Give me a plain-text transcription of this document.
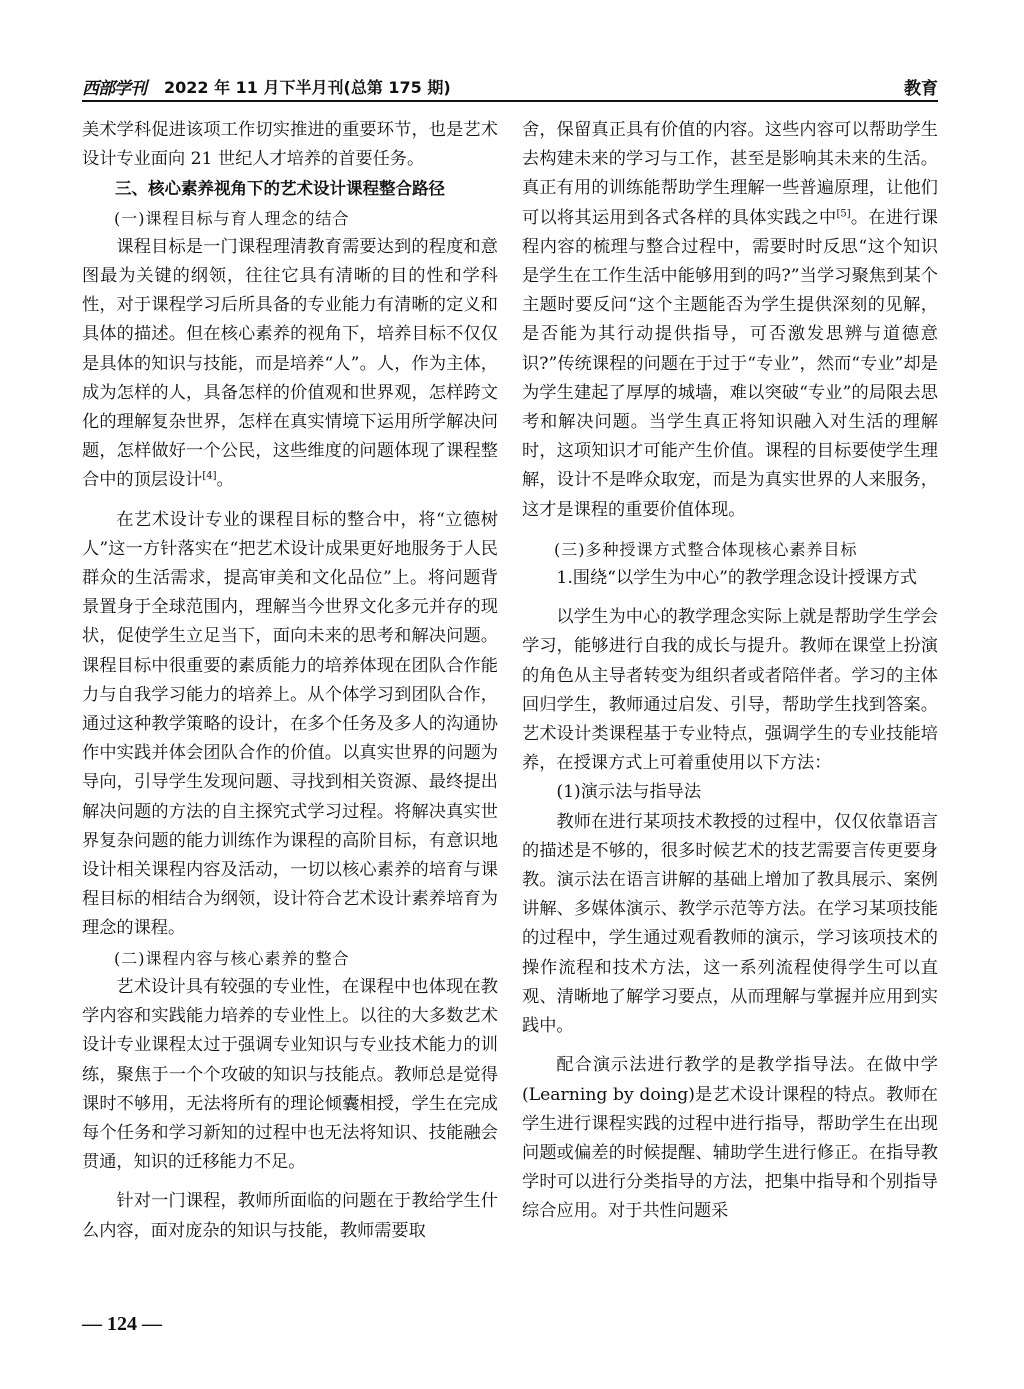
西部学刊 2022 年 11 月下半月刊(总第 175 期)	教育

美术学科促进该项工作切实推进的重要环节，也是艺术设计专业面向 21 世纪人才培养的首要任务。

三、核心素养视角下的艺术设计课程整合路径

(一)课程目标与育人理念的结合

课程目标是一门课程理清教育需要达到的程度和意图最为关键的纲领，往往它具有清晰的目的性和学科性，对于课程学习后所具备的专业能力有清晰的定义和具体的描述。但在核心素养的视角下，培养目标不仅仅是具体的知识与技能，而是培养“人”。人，作为主体，成为怎样的人，具备怎样的价值观和世界观，怎样跨文化的理解复杂世界，怎样在真实情境下运用所学解决问题，怎样做好一个公民，这些维度的问题体现了课程整合中的顶层设计[4]。

在艺术设计专业的课程目标的整合中，将“立德树人”这一方针落实在“把艺术设计成果更好地服务于人民群众的生活需求，提高审美和文化品位”上。将问题背景置身于全球范围内，理解当今世界文化多元并存的现状，促使学生立足当下，面向未来的思考和解决问题。课程目标中很重要的素质能力的培养体现在团队合作能力与自我学习能力的培养上。从个体学习到团队合作，通过这种教学策略的设计，在多个任务及多人的沟通协作中实践并体会团队合作的价值。以真实世界的问题为导向，引导学生发现问题、寻找到相关资源、最终提出解决问题的方法的自主探究式学习过程。将解决真实世界复杂问题的能力训练作为课程的高阶目标，有意识地设计相关课程内容及活动，一切以核心素养的培育与课程目标的相结合为纲领，设计符合艺术设计素养培育为理念的课程。

(二)课程内容与核心素养的整合

艺术设计具有较强的专业性，在课程中也体现在教学内容和实践能力培养的专业性上。以往的大多数艺术设计专业课程太过于强调专业知识与专业技术能力的训练，聚焦于一个个攻破的知识与技能点。教师总是觉得课时不够用，无法将所有的理论倾囊相授，学生在完成每个任务和学习新知的过程中也无法将知识、技能融会贯通，知识的迁移能力不足。

针对一门课程，教师所面临的问题在于教给学生什么内容，面对庞杂的知识与技能，教师需要取

舍，保留真正具有价值的内容。这些内容可以帮助学生去构建未来的学习与工作，甚至是影响其未来的生活。真正有用的训练能帮助学生理解一些普遍原理，让他们可以将其运用到各式各样的具体实践之中[5]。在进行课程内容的梳理与整合过程中，需要时时反思“这个知识是学生在工作生活中能够用到的吗?”当学习聚焦到某个主题时要反问“这个主题能否为学生提供深刻的见解，是否能为其行动提供指导，可否激发思辨与道德意识?”传统课程的问题在于过于“专业”，然而“专业”却是为学生建起了厚厚的城墙，难以突破“专业”的局限去思考和解决问题。当学生真正将知识融入对生活的理解时，这项知识才可能产生价值。课程的目标要使学生理解，设计不是哗众取宠，而是为真实世界的人来服务，这才是课程的重要价值体现。

(三)多种授课方式整合体现核心素养目标

1.围绕“以学生为中心”的教学理念设计授课方式

以学生为中心的教学理念实际上就是帮助学生学会学习，能够进行自我的成长与提升。教师在课堂上扮演的角色从主导者转变为组织者或者陪伴者。学习的主体回归学生，教师通过启发、引导，帮助学生找到答案。艺术设计类课程基于专业特点，强调学生的专业技能培养，在授课方式上可着重使用以下方法：

(1)演示法与指导法

教师在进行某项技术教授的过程中，仅仅依靠语言的描述是不够的，很多时候艺术的技艺需要言传更要身教。演示法在语言讲解的基础上增加了教具展示、案例讲解、多媒体演示、教学示范等方法。在学习某项技能的过程中，学生通过观看教师的演示，学习该项技术的操作流程和技术方法，这一系列流程使得学生可以直观、清晰地了解学习要点，从而理解与掌握并应用到实践中。

配合演示法进行教学的是教学指导法。在做中学(Learning by doing)是艺术设计课程的特点。教师在学生进行课程实践的过程中进行指导，帮助学生在出现问题或偏差的时候提醒、辅助学生进行修正。在指导教学时可以进行分类指导的方法，把集中指导和个别指导综合应用。对于共性问题采

— 124 —
